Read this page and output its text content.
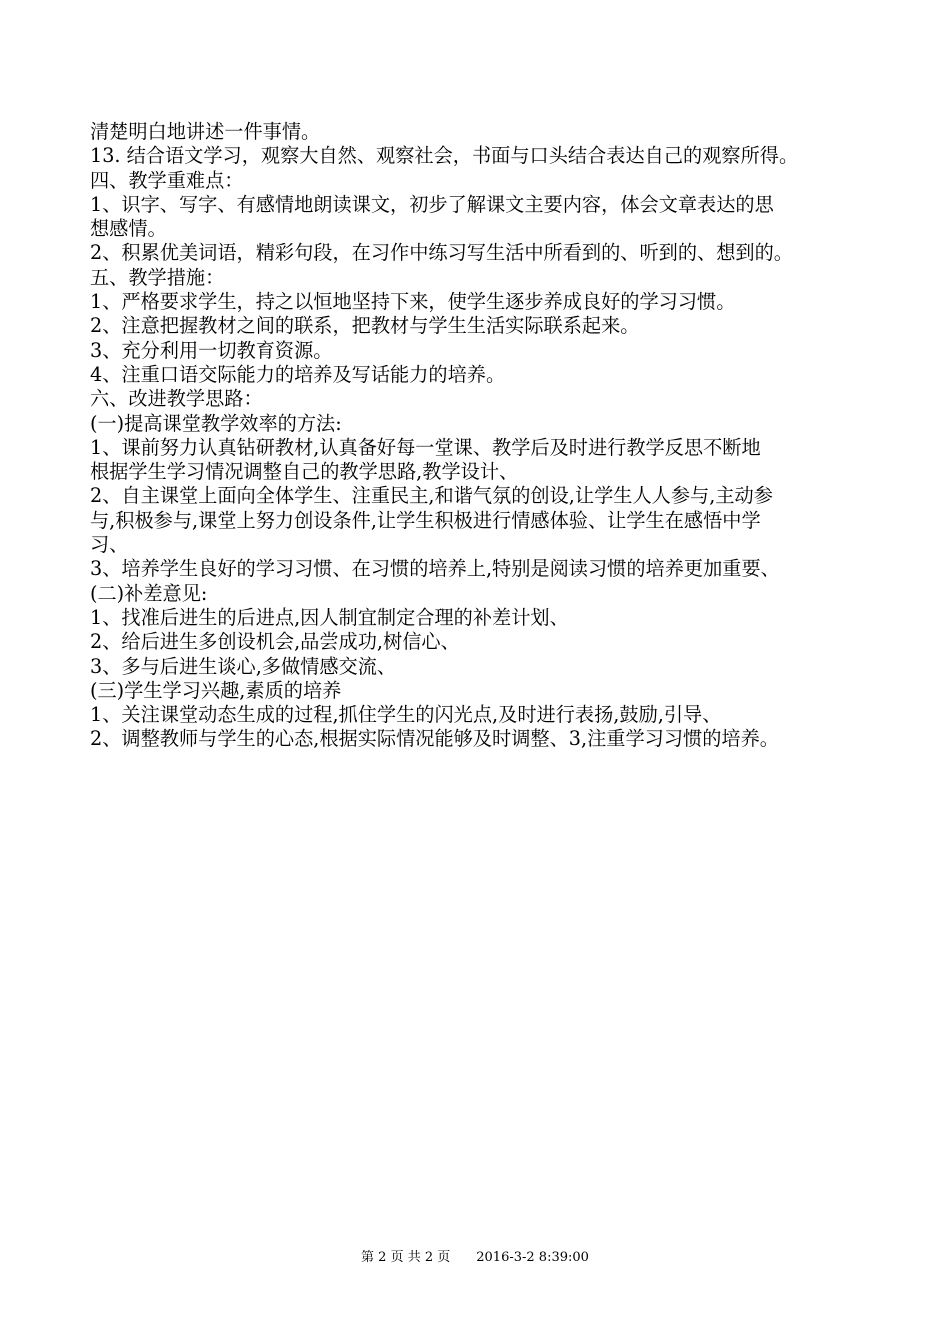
清楚明白地讲述一件事情。
13. 结合语文学习，观察大自然、观察社会，书面与口头结合表达自己的观察所得。
四、教学重难点：
1、识字、写字、有感情地朗读课文，初步了解课文主要内容，体会文章表达的思
想感情。
2、积累优美词语，精彩句段，在习作中练习写生活中所看到的、听到的、想到的。
五、教学措施：
1、严格要求学生，持之以恒地坚持下来，使学生逐步养成良好的学习习惯。
2、注意把握教材之间的联系，把教材与学生生活实际联系起来。
3、充分利用一切教育资源。
4、注重口语交际能力的培养及写话能力的培养。
六、改进教学思路：
(一)提高课堂教学效率的方法:
1、课前努力认真钻研教材,认真备好每一堂课、教学后及时进行教学反思不断地
根据学生学习情况调整自己的教学思路,教学设计、
2、自主课堂上面向全体学生、注重民主,和谐气氛的创设,让学生人人参与,主动参
与,积极参与,课堂上努力创设条件,让学生积极进行情感体验、让学生在感悟中学
习、
3、培养学生良好的学习习惯、在习惯的培养上,特别是阅读习惯的培养更加重要、
(二)补差意见:
1、找准后进生的后进点,因人制宜制定合理的补差计划、
2、给后进生多创设机会,品尝成功,树信心、
3、多与后进生谈心,多做情感交流、
(三)学生学习兴趣,素质的培养
1、关注课堂动态生成的过程,抓住学生的闪光点,及时进行表扬,鼓励,引导、
2、调整教师与学生的心态,根据实际情况能够及时调整、3,注重学习习惯的培养。
第 2 页 共 2 页 2016-3-2 8:39:00
